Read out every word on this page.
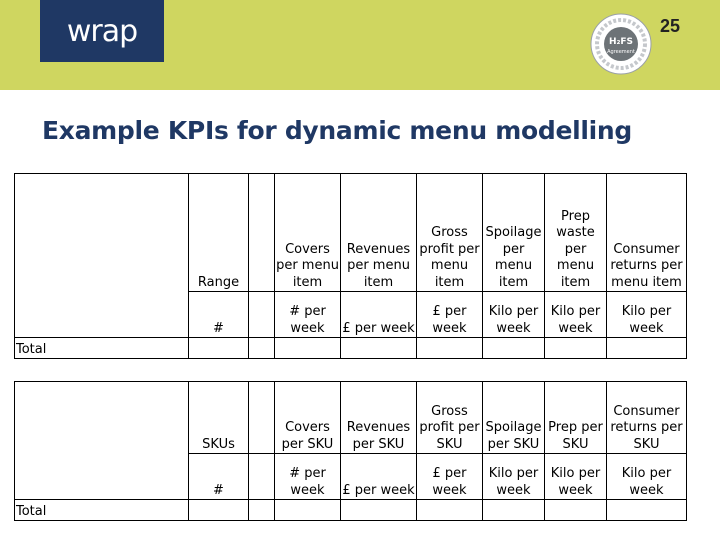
wrap	H₂FS
Agreement
25
Example KPIs for dynamic menu modelling
	Range		Covers per menu item	Revenues per menu item	Gross profit per menu item	Spoilage per menu item	Prep waste per menu item	Consumer returns per menu item
	#		# per week	£ per week	£ per week	Kilo per week	Kilo per week	Kilo per week
Total								
	SKUs		Covers per SKU	Revenues per SKU	Gross profit per SKU	Spoilage per SKU	Prep per SKU	Consumer returns per SKU
	#		# per week	£ per week	£ per week	Kilo per week	Kilo per week	Kilo per week
Total								
